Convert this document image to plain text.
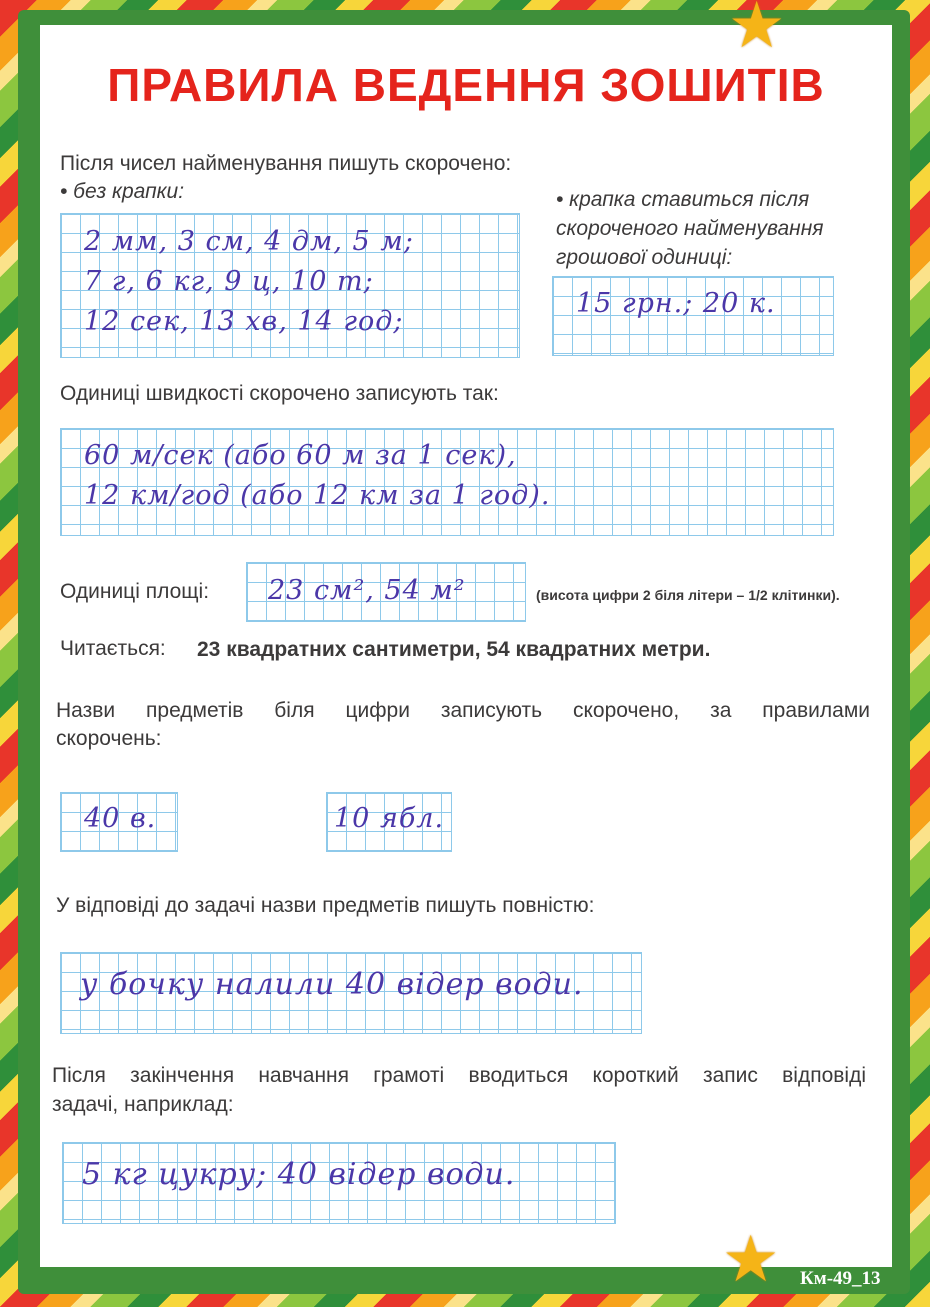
★
★
ПРАВИЛА ВЕДЕННЯ ЗОШИТІВ
Після чисел найменування пишуть скорочено:
• без крапки:	• крапка ставиться після
скороченого найменування
грошової одиниці:
2 мм, 3 см, 4 дм, 5 м;
7 г, 6 кг, 9 ц, 10 т;
12 сек, 13 хв, 14 год;
15 грн.; 20 к.
Одиниці швидкості скорочено записують так:
60 м/сек (або 60 м за 1 сек),
12 км/год (або 12 км за 1 год).
Одиниці площі: 23 см², 54 м²	(висота цифри 2 біля літери – 1/2 клітинки).
Читається: 23 квадратних сантиметри, 54 квадратних метри.
Назви предметів біля цифри записують скорочено, за правилами
скорочень:
40 в.	10 ябл.
У відповіді до задачі назви предметів пишуть повністю:
у бочку налили 40 відер води.
Після закінчення навчання грамоті вводиться короткий запис відповіді
задачі, наприклад:
5 кг цукру; 40 відер води.
Км-49_13
